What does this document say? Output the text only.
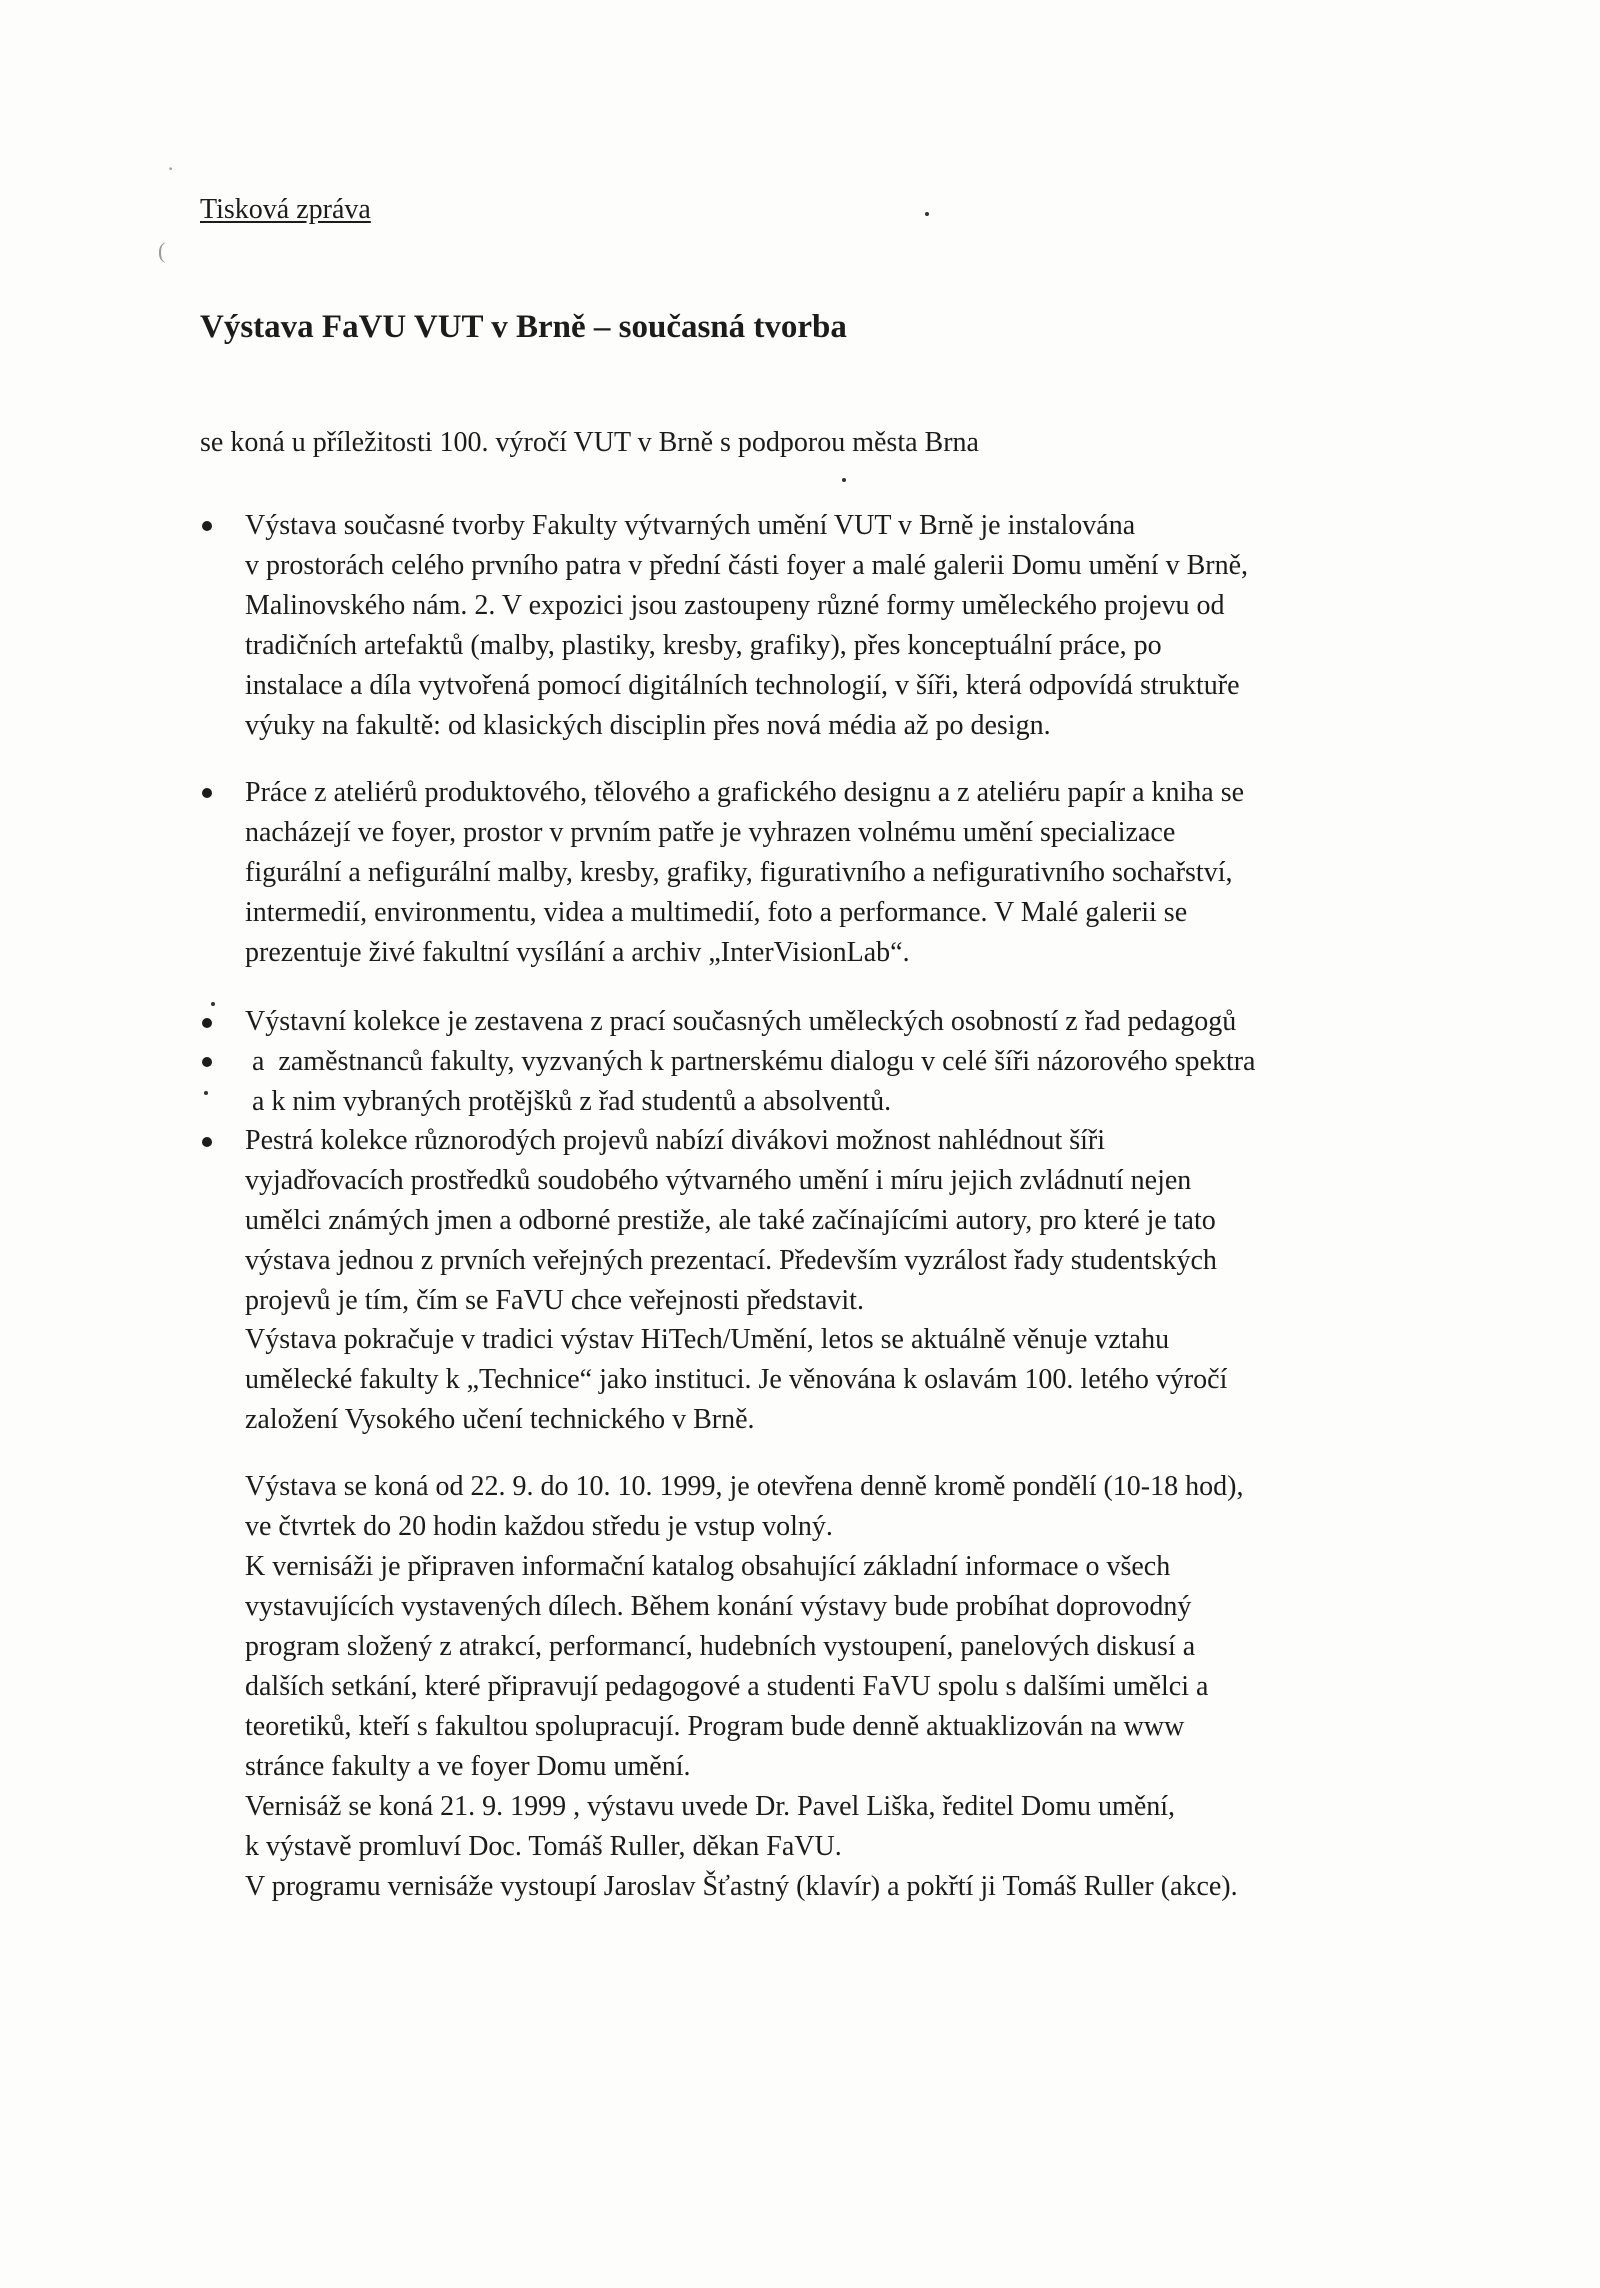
·
(
Tisková zpráva
Výstava FaVU VUT v Brně – současná tvorba

se koná u příležitosti 100. výročí VUT v Brně s podporou města Brna

Výstava současné tvorby Fakulty výtvarných umění VUT v Brně je instalována
v prostorách celého prvního patra v přední části foyer a malé galerii Domu umění v Brně,
Malinovského nám. 2. V expozici jsou zastoupeny různé formy uměleckého projevu od
tradičních artefaktů (malby, plastiky, kresby, grafiky), přes konceptuální práce, po
instalace a díla vytvořená pomocí digitálních technologií, v šíři, která odpovídá struktuře
výuky na fakultě: od klasických disciplin přes nová média až po design.
Práce z ateliérů produktového, tělového a grafického designu a z ateliéru papír a kniha se
nacházejí ve foyer, prostor v prvním patře je vyhrazen volnému umění specializace
figurální a nefigurální malby, kresby, grafiky, figurativního a nefigurativního sochařství,
intermedií, environmentu, videa a multimedií, foto a performance. V Malé galerii se
prezentuje živé fakultní vysílání a archiv „InterVisionLab“.
Výstavní kolekce je zestavena z prací současných uměleckých osobností z řad pedagogů
a  zaměstnanců fakulty, vyzvaných k partnerskému dialogu v celé šíři názorového spektra
a k nim vybraných protějšků z řad studentů a absolventů.
Pestrá kolekce různorodých projevů nabízí divákovi možnost nahlédnout šíři
vyjadřovacích prostředků soudobého výtvarného umění i míru jejich zvládnutí nejen
umělci známých jmen a odborné prestiže, ale také začínajícími autory, pro které je tato
výstava jednou z prvních veřejných prezentací. Především vyzrálost řady studentských
projevů je tím, čím se FaVU chce veřejnosti představit.
Výstava pokračuje v tradici výstav HiTech/Umění, letos se aktuálně věnuje vztahu
umělecké fakulty k „Technice“ jako instituci. Je věnována k oslavám 100. letého výročí
založení Vysokého učení technického v Brně.
Výstava se koná od 22. 9. do 10. 10. 1999, je otevřena denně kromě pondělí (10-18 hod),
ve čtvrtek do 20 hodin každou středu je vstup volný.
K vernisáži je připraven informační katalog obsahující základní informace o všech
vystavujících vystavených dílech. Během konání výstavy bude probíhat doprovodný
program složený z atrakcí, performancí, hudebních vystoupení, panelových diskusí a
dalších setkání, které připravují pedagogové a studenti FaVU spolu s dalšími umělci a
teoretiků, kteří s fakultou spolupracují. Program bude denně aktuaklizován na www
stránce fakulty a ve foyer Domu umění.
Vernisáž se koná 21. 9. 1999 , výstavu uvede Dr. Pavel Liška, ředitel Domu umění,
k výstavě promluví Doc. Tomáš Ruller, děkan FaVU.
V programu vernisáže vystoupí Jaroslav Šťastný (klavír) a pokřtí ji Tomáš Ruller (akce).
